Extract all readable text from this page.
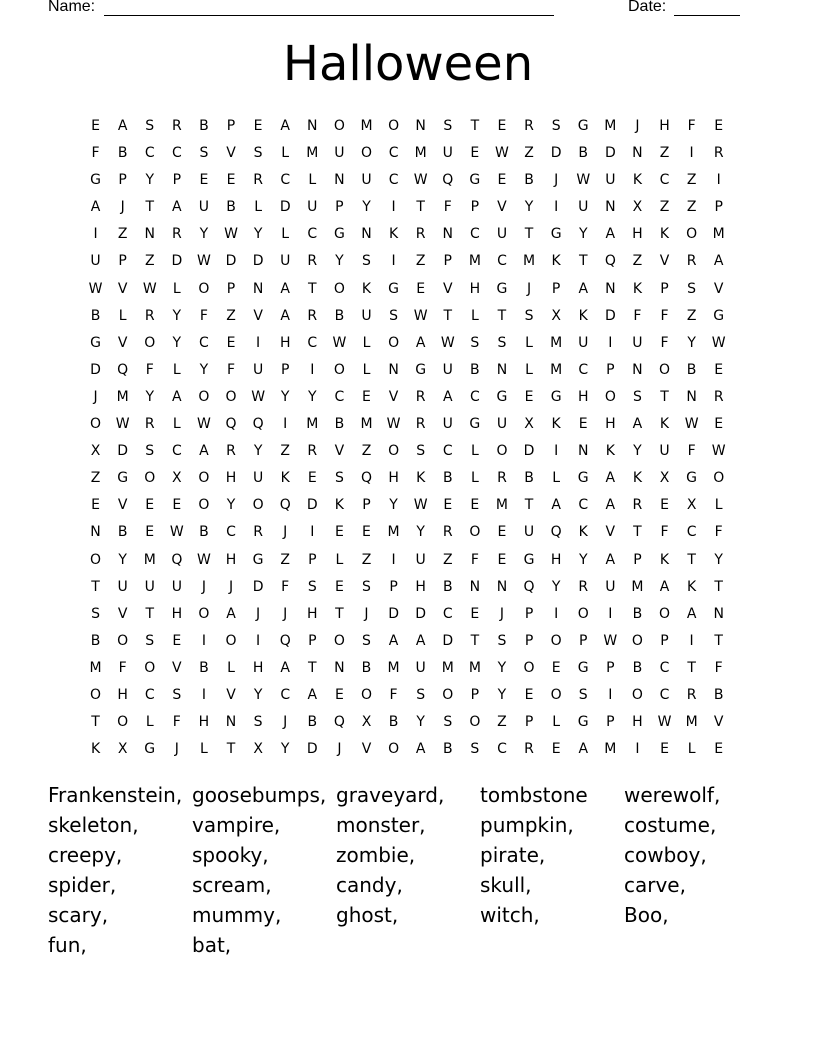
Name:	Date:
Halloween
E	A	S	R	B	P	E	A	N	O	M	O	N	S	T	E	R	S	G	M	J	H	F	E
F	B	C	C	S	V	S	L	M	U	O	C	M	U	E	W	Z	D	B	D	N	Z	I	R
G	P	Y	P	E	E	R	C	L	N	U	C	W	Q	G	E	B	J	W	U	K	C	Z	I
A	J	T	A	U	B	L	D	U	P	Y	I	T	F	P	V	Y	I	U	N	X	Z	Z	P
I	Z	N	R	Y	W	Y	L	C	G	N	K	R	N	C	U	T	G	Y	A	H	K	O	M
U	P	Z	D	W	D	D	U	R	Y	S	I	Z	P	M	C	M	K	T	Q	Z	V	R	A
W	V	W	L	O	P	N	A	T	O	K	G	E	V	H	G	J	P	A	N	K	P	S	V
B	L	R	Y	F	Z	V	A	R	B	U	S	W	T	L	T	S	X	K	D	F	F	Z	G
G	V	O	Y	C	E	I	H	C	W	L	O	A	W	S	S	L	M	U	I	U	F	Y	W
D	Q	F	L	Y	F	U	P	I	O	L	N	G	U	B	N	L	M	C	P	N	O	B	E
J	M	Y	A	O	O	W	Y	Y	C	E	V	R	A	C	G	E	G	H	O	S	T	N	R
O	W	R	L	W	Q	Q	I	M	B	M	W	R	U	G	U	X	K	E	H	A	K	W	E
X	D	S	C	A	R	Y	Z	R	V	Z	O	S	C	L	O	D	I	N	K	Y	U	F	W
Z	G	O	X	O	H	U	K	E	S	Q	H	K	B	L	R	B	L	G	A	K	X	G	O
E	V	E	E	O	Y	O	Q	D	K	P	Y	W	E	E	M	T	A	C	A	R	E	X	L
N	B	E	W	B	C	R	J	I	E	E	M	Y	R	O	E	U	Q	K	V	T	F	C	F
O	Y	M	Q	W	H	G	Z	P	L	Z	I	U	Z	F	E	G	H	Y	A	P	K	T	Y
T	U	U	U	J	J	D	F	S	E	S	P	H	B	N	N	Q	Y	R	U	M	A	K	T
S	V	T	H	O	A	J	J	H	T	J	D	D	C	E	J	P	I	O	I	B	O	A	N
B	O	S	E	I	O	I	Q	P	O	S	A	A	D	T	S	P	O	P	W	O	P	I	T
M	F	O	V	B	L	H	A	T	N	B	M	U	M	M	Y	O	E	G	P	B	C	T	F
O	H	C	S	I	V	Y	C	A	E	O	F	S	O	P	Y	E	O	S	I	O	C	R	B
T	O	L	F	H	N	S	J	B	Q	X	B	Y	S	O	Z	P	L	G	P	H	W	M	V
K	X	G	J	L	T	X	Y	D	J	V	O	A	B	S	C	R	E	A	M	I	E	L	E
Frankenstein, goosebumps, graveyard,	tombstone	werewolf,
skeleton,	vampire,	monster,	pumpkin,	costume,
creepy,	spooky,	zombie,	pirate,	cowboy,
spider,	scream,	candy,	skull,	carve,
scary,	mummy,	ghost,	witch,	Boo,
fun,	bat,
